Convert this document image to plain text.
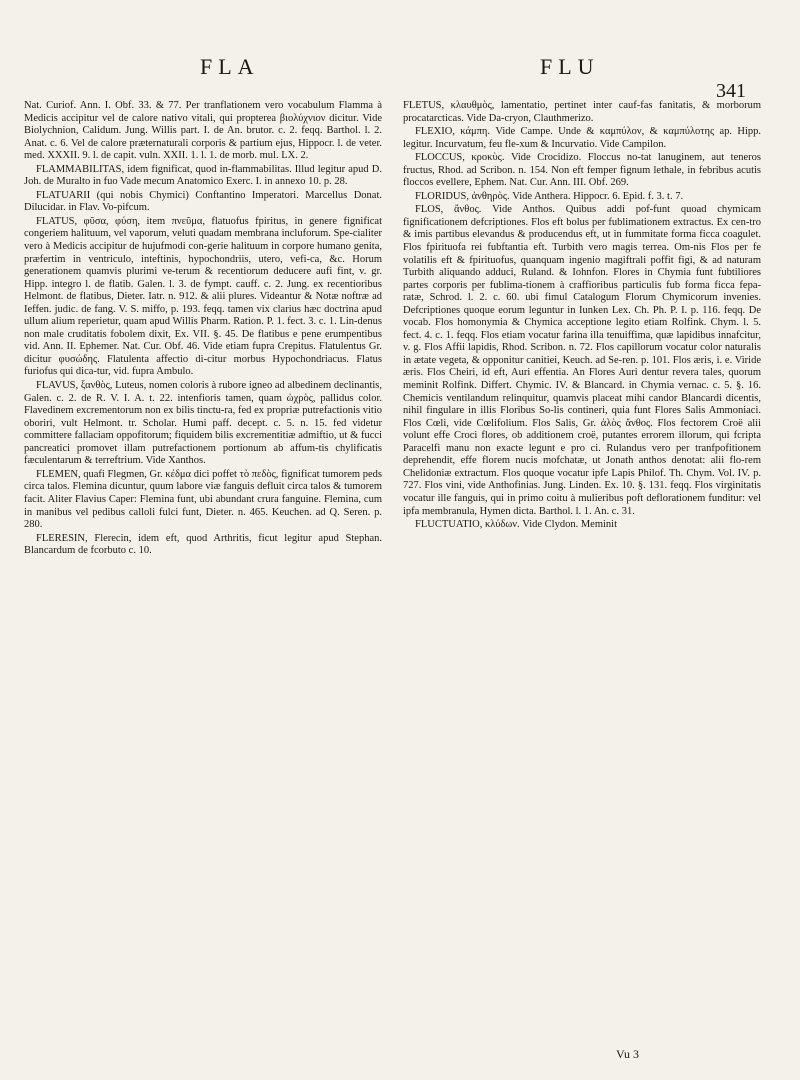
FLA	FLU
341

Nat. Curiof. Ann. I. Obf. 33. & 77. Per tranflationem vero vocabulum Flamma à Medicis accipitur vel de calore nativo vitali, qui propterea βιολύχνιον dicitur. Vide Biolychnion, Calidum. Jung. Willis part. I. de An. brutor. c. 2. feqq. Barthol. l. 2. Anat. c. 6. Vel de calore præternaturali corporis & partium ejus, Hippocr. l. de veter. med. XXXII. 9. l. de capit. vuln. XXII. 1. l. 1. de morb. mul. LX. 2.

FLAMMABILITAS, idem fignificat, quod in-flammabilitas. Illud legitur apud D. Joh. de Muralto in fuo Vade mecum Anatomico Exerc. I. in annexo 10. p. 28.

FLATUARII (qui nobis Chymici) Conftantino Imperatori. Marcellus Donat. Dilucidar. in Flav. Vo-pifcum.

FLATUS, φῦσα, φύση, item πνεῦμα, flatuofus fpiritus, in genere fignificat congeriem halituum, vel vaporum, veluti quadam membrana incluforum. Spe-cialiter vero à Medicis accipitur de hujufmodi con-gerie halituum in corpore humano genita, præfertim in ventriculo, inteftinis, hypochondriis, utero, vefi-ca, &c. Horum generationem quamvis plurimi ve-terum & recentiorum deducere aufi fint, v. gr. Hipp. integro l. de flatib. Galen. l. 3. de fympt. cauff. c. 2. Jung. ex recentioribus Helmont. de flatibus, Dieter. Iatr. n. 912. & alii plures. Videantur & Notæ noftræ ad Ieffen. judic. de fang. V. S. miffo, p. 193. feqq. tamen vix clarius hæc doctrina apud ullum alium reperietur, quam apud Willis Pharm. Ration. P. 1. fect. 3. c. 1. Lin-denus non male cruditatis fobolem dixit, Ex. VII. §. 45. De flatibus e pene erumpentibus vid. Ann. II. Ephemer. Nat. Cur. Obf. 46. Vide etiam fupra Crepitus. Flatulentus Gr. dicitur φυσώδης. Flatulenta affectio di-citur morbus Hypochondriacus. Flatus furiofus qui dica-tur, vid. fupra Ambulo.

FLAVUS, ξανθὸς, Luteus, nomen coloris à rubore igneo ad albedinem declinantis, Galen. c. 2. de R. V. I. A. t. 22. intenfioris tamen, quam ὠχρὸς, pallidus color. Flavedinem excrementorum non ex bilis tinctu-ra, fed ex propriæ putrefactionis vitio oboriri, vult Helmont. tr. Scholar. Humi paff. decept. c. 5. n. 15. fed videtur committere fallaciam oppofitorum; fiquidem bilis excrementitiæ admiftio, ut & fucci pancreatici promovet illam putrefactionem portionum ab affum-tis chylificatis fæculentarum & terreftrium. Vide Xanthos.

FLEMEN, quafi Flegmen, Gr. κέδμα dici poffet τὸ πεδὸς, fignificat tumorem peds circa talos. Flemina dicuntur, quum labore viæ fanguis defluit circa talos & tumorem facit. Aliter Flavius Caper: Flemina funt, ubi abundant crura fanguine. Flemina, cum in manibus vel pedibus calloli fulci funt, Dieter. n. 465. Keuchen. ad Q. Seren. p. 280.

FLERESIN, Flerecin, idem eft, quod Arthritis, ficut legitur apud Stephan. Blancardum de fcorbuto c. 10.

FLETUS, κλαυθμὸς, lamentatio, pertinet inter cauf-fas fanitatis, & morborum procatarcticas. Vide Da-cryon, Clauthmerizo.

FLEXIO, κάμπη. Vide Campe. Unde & καμπύλον, & καμπύλοτης ap. Hipp. legitur. Incurvatum, feu fle-xum & Incurvatio. Vide Campilon.

FLOCCUS, κροκὺς. Vide Crocidizo. Floccus no-tat lanuginem, aut teneros fructus, Rhod. ad Scribon. n. 154. Non eft femper fignum lethale, in febribus acutis floccos evellere, Ephem. Nat. Cur. Ann. III. Obf. 269.

FLORIDUS, ἀνθηρὸς. Vide Anthera. Hippocr. 6. Epid. f. 3. t. 7.

FLOS, ἄνθος. Vide Anthos. Quibus addi pof-funt quoad chymicam fignificationem defcriptiones. Flos eft bolus per fublimationem extractus. Ex cen-tro & imis partibus elevandus & producendus eft, ut in fummitate forma ficca coagulet. Flos fpirituofa rei fubftantia eft. Turbith vero magis terrea. Om-nis Flos per fe volatilis eft & fpirituofus, quanquam ingenio magiftrali poffit figi, & ad naturam Turbith aliquando adduci, Ruland. & Iohnfon. Flores in Chymia funt fubtiliores partes corporis per fublima-tionem à craffioribus particulis fub forma ficca fepa-ratæ, Schrod. l. 2. c. 60. ubi fimul Catalogum Florum Chymicorum invenies. Defcriptiones quoque eorum leguntur in Iunken Lex. Ch. Ph. P. I. p. 116. feqq. De vocab. Flos homonymia & Chymica acceptione legito etiam Rolfink. Chym. l. 5. fect. 4. c. 1. feqq. Flos etiam vocatur farina illa tenuiffima, quæ lapidibus innafcitur, v. g. Flos Affii lapidis, Rhod. Scribon. n. 72. Flos capillorum vocatur color naturalis in ætate vegeta, & opponitur canitiei, Keuch. ad Se-ren. p. 101. Flos æris, i. e. Viride æris. Flos Cheiri, id eft, Auri effentia. An Flores Auri dentur revera tales, quorum meminit Rolfink. Differt. Chymic. IV. & Blancard. in Chymia vernac. c. 5. §. 16. Chemicis ventilandum relinquitur, quamvis placeat mihi candor Blancardi dicentis, nihil fingulare in illis Floribus So-lis contineri, quia funt Flores Salis Ammoniaci. Flos Cœli, vide Cœlifolium. Flos Salis, Gr. ἀλὸς ἄνθος. Flos fectorem Croë alii volunt effe Croci flores, ob additionem croë, putantes errorem illorum, qui fcripta Paracelfi manu non exacte legunt e pro ci. Rulandus vero per tranfpofitionem deprehendit, effe florem nucis mofchatæ, ut Jonath anthos denotat: alii flo-rem Chelidoniæ extractum. Flos quoque vocatur ipfe Lapis Philof. Th. Chym. Vol. IV. p. 727. Flos vini, vide Anthofinias. Jung. Linden. Ex. 10. §. 131. feqq. Flos virginitatis vocatur ille fanguis, qui in primo coitu à mulieribus poft deflorationem funditur: vel ipfa membranula, Hymen dicta. Barthol. l. 1. An. c. 31.

FLUCTUATIO, κλύδων. Vide Clydon. Meminit

Vu 3
